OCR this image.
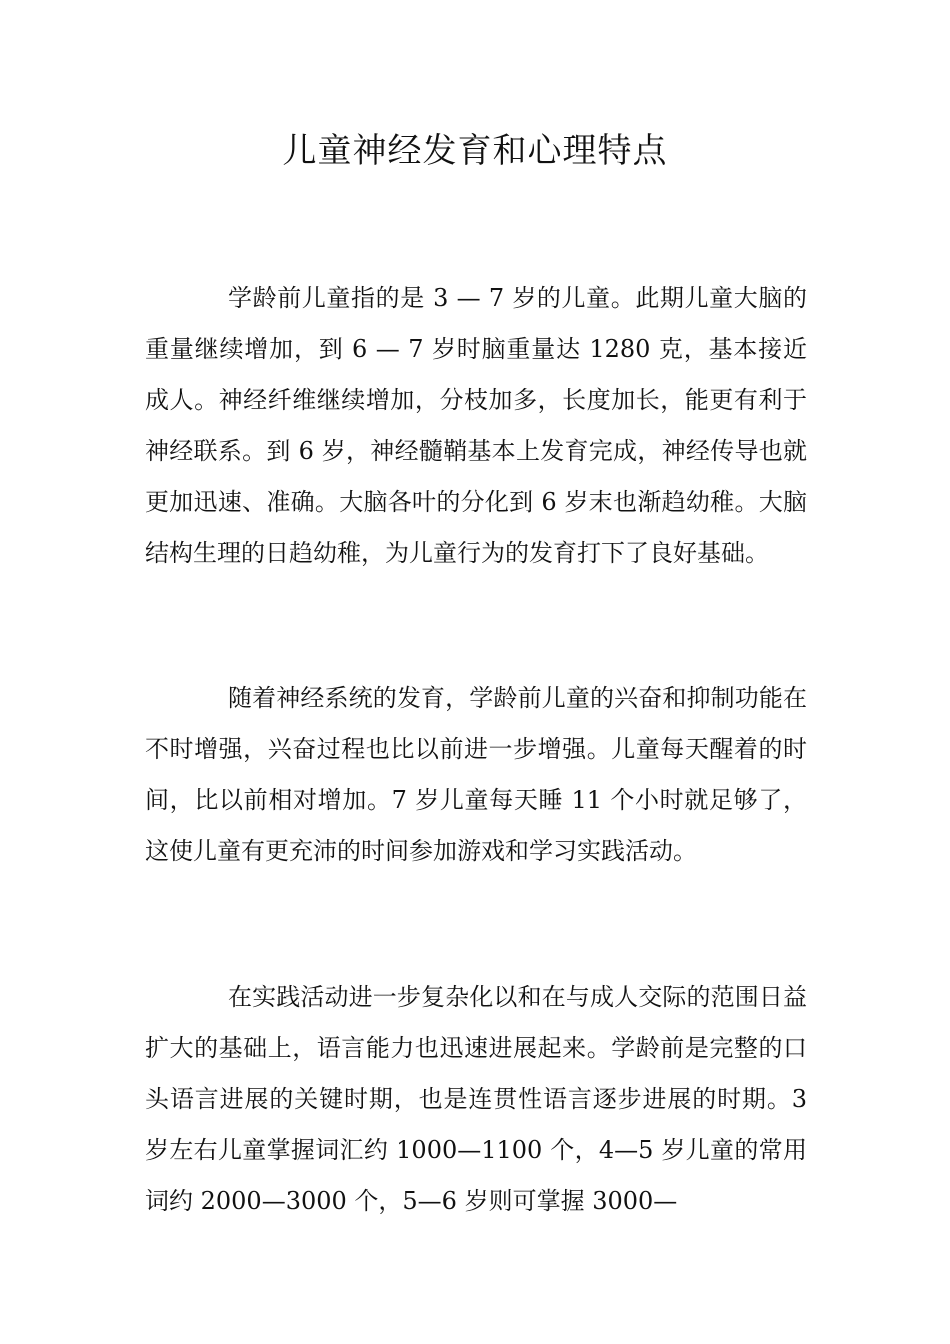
儿童神经发育和心理特点

学龄前儿童指的是 3 — 7 岁的儿童。此期儿童大脑的重量继续增加，到 6 — 7 岁时脑重量达 1280 克，基本接近成人。神经纤维继续增加，分枝加多，长度加长，能更有利于神经联系。到 6 岁，神经髓鞘基本上发育完成，神经传导也就更加迅速、准确。大脑各叶的分化到 6 岁末也渐趋幼稚。大脑结构生理的日趋幼稚，为儿童行为的发育打下了良好基础。

随着神经系统的发育，学龄前儿童的兴奋和抑制功能在不时增强，兴奋过程也比以前进一步增强。儿童每天醒着的时间，比以前相对增加。7 岁儿童每天睡 11 个小时就足够了，这使儿童有更充沛的时间参加游戏和学习实践活动。

在实践活动进一步复杂化以和在与成人交际的范围日益扩大的基础上，语言能力也迅速进展起来。学龄前是完整的口头语言进展的关键时期，也是连贯性语言逐步进展的时期。3 岁左右儿童掌握词汇约 1000—1100 个，4—5 岁儿童的常用词约 2000—3000 个，5—6 岁则可掌握 3000—
